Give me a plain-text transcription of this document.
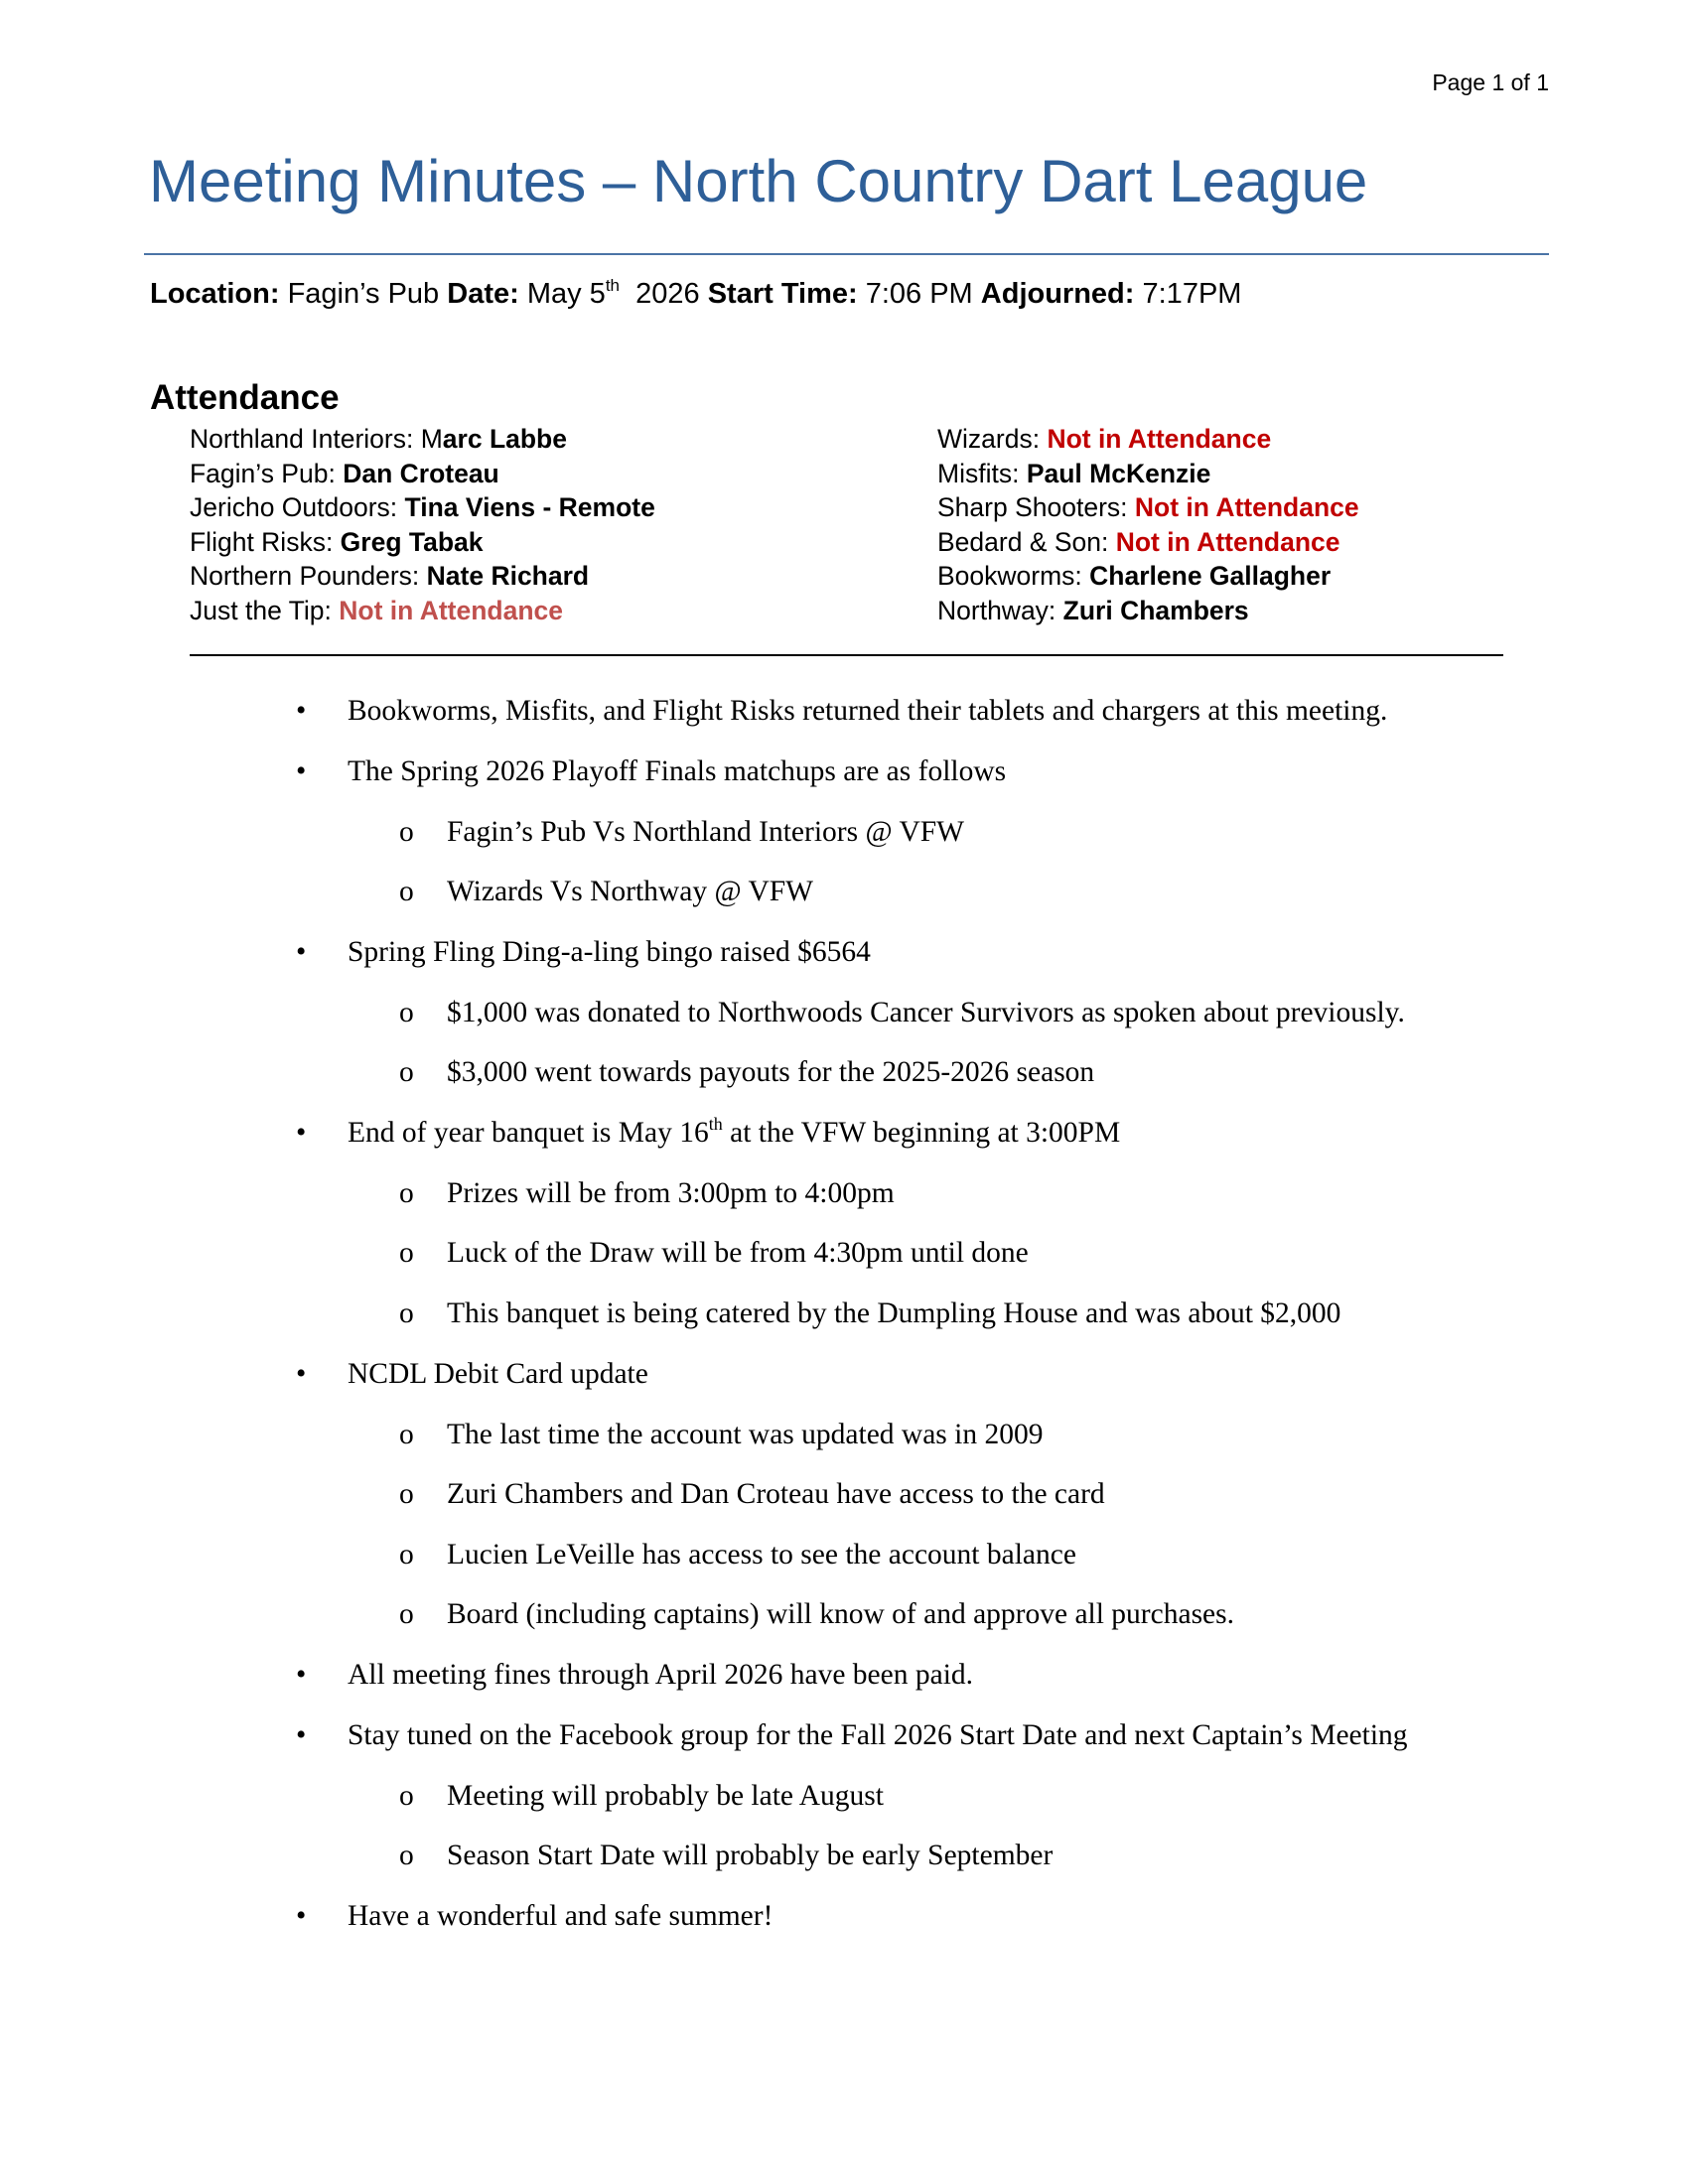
Page 1 of 1
Meeting Minutes – North Country Dart League
Location: Fagin’s Pub Date: May 5th 2026 Start Time: 7:06 PM Adjourned: 7:17PM
Attendance
Northland Interiors: Marc Labbe
Fagin’s Pub: Dan Croteau
Jericho Outdoors: Tina Viens - Remote
Flight Risks: Greg Tabak
Northern Pounders: Nate Richard
Just the Tip: Not in Attendance
Wizards: Not in Attendance
Misfits: Paul McKenzie
Sharp Shooters: Not in Attendance
Bedard & Son: Not in Attendance
Bookworms: Charlene Gallagher
Northway: Zuri Chambers
• Bookworms, Misfits, and Flight Risks returned their tablets and chargers at this meeting.
• The Spring 2026 Playoff Finals matchups are as follows
o Fagin’s Pub Vs Northland Interiors @ VFW
o Wizards Vs Northway @ VFW
• Spring Fling Ding-a-ling bingo raised $6564
o $1,000 was donated to Northwoods Cancer Survivors as spoken about previously.
o $3,000 went towards payouts for the 2025-2026 season
• End of year banquet is May 16th at the VFW beginning at 3:00PM
o Prizes will be from 3:00pm to 4:00pm
o Luck of the Draw will be from 4:30pm until done
o This banquet is being catered by the Dumpling House and was about $2,000
• NCDL Debit Card update
o The last time the account was updated was in 2009
o Zuri Chambers and Dan Croteau have access to the card
o Lucien LeVeille has access to see the account balance
o Board (including captains) will know of and approve all purchases.
• All meeting fines through April 2026 have been paid.
• Stay tuned on the Facebook group for the Fall 2026 Start Date and next Captain’s Meeting
o Meeting will probably be late August
o Season Start Date will probably be early September
• Have a wonderful and safe summer!
